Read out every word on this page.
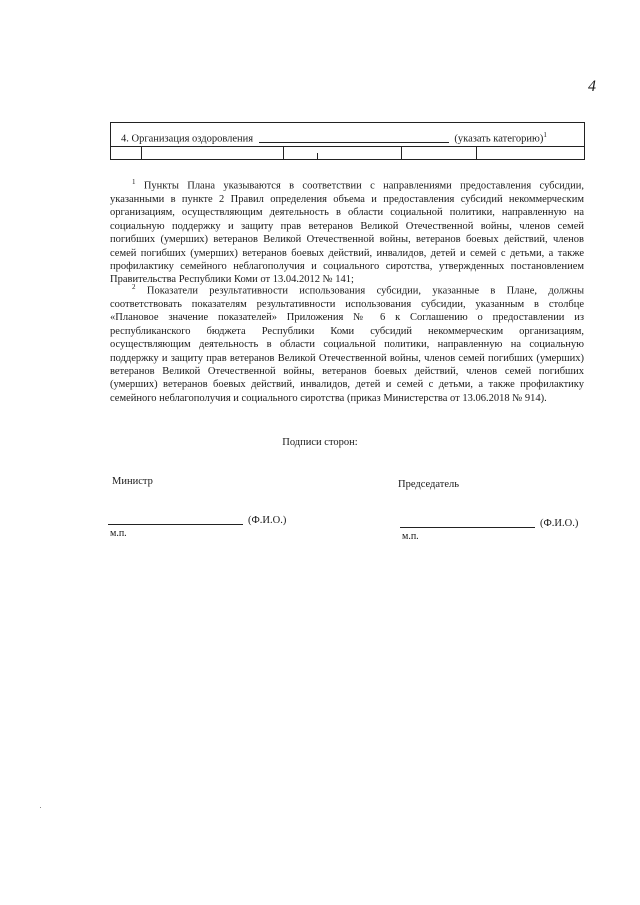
4
4. Организация оздоровления	(указать категорию)$^1$

$^1$ Пункты Плана указываются в соответствии с направлениями предоставления субсидии, указанными в пункте 2 Правил определения объема и предоставления субсидий некоммерческим организациям, осуществляющим деятельность в области социальной политики, направленную на социальную поддержку и защиту прав ветеранов Великой Отечественной войны, членов семей погибших (умерших) ветеранов Великой Отечественной войны, ветеранов боевых действий, членов семей погибших (умерших) ветеранов боевых действий, инвалидов, детей и семей с детьми, а также профилактику семейного неблагополучия и социального сиротства, утвержденных постановлением Правительства Республики Коми от 13.04.2012 № 141;

$^2$ Показатели результативности использования субсидии, указанные в Плане, должны соответствовать показателям результативности использования субсидии, указанным в столбце «Плановое значение показателей» Приложения № 6 к Соглашению о предоставлении из республиканского бюджета Республики Коми субсидий некоммерческим организациям, осуществляющим деятельность в области социальной политики, направленную на социальную поддержку и защиту прав ветеранов Великой Отечественной войны, членов семей погибших (умерших) ветеранов Великой Отечественной войны, ветеранов боевых действий, членов семей погибших (умерших) ветеранов боевых действий, инвалидов, детей и семей с детьми, а также профилактику семейного неблагополучия и социального сиротства (приказ Министерства от 13.06.2018 № 914).

Подписи сторон:
Министр	Председатель
(Ф.И.О.)	(Ф.И.О.)
м.п.	м.п.
